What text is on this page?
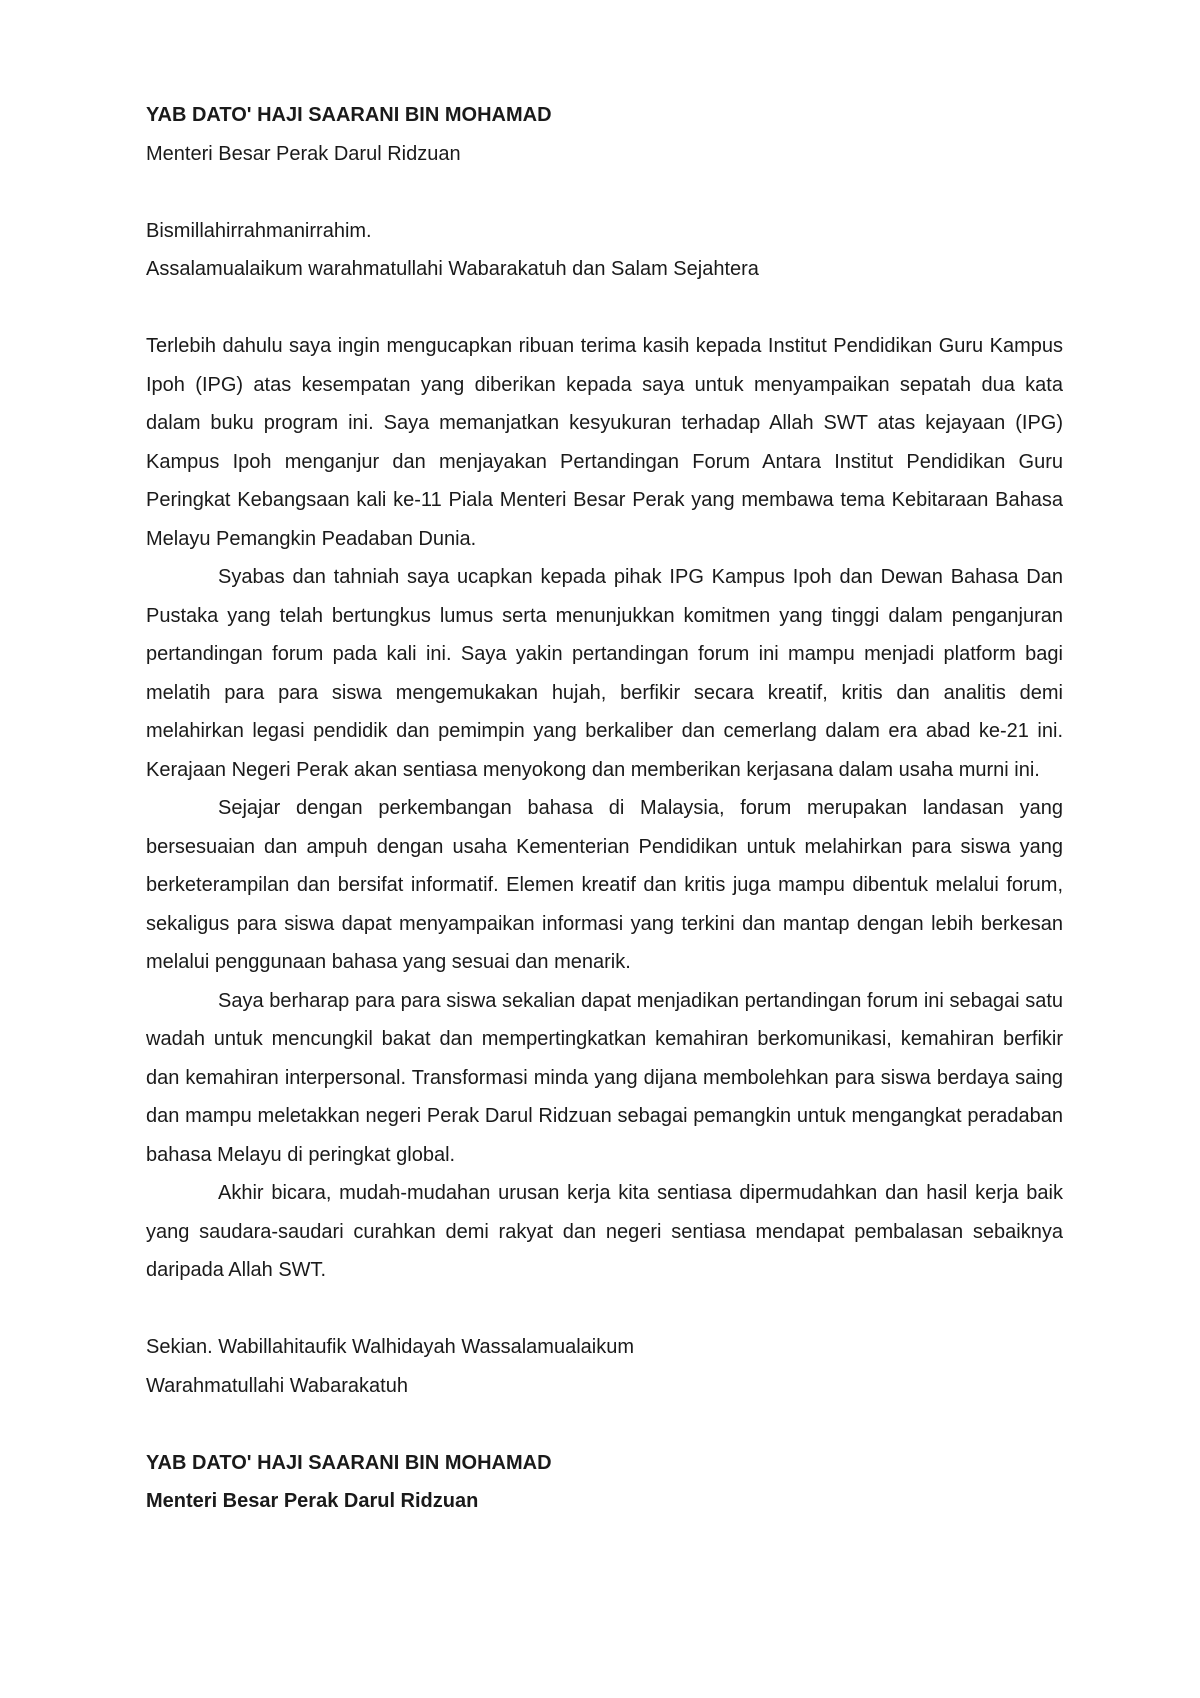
YAB DATO' HAJI SAARANI BIN MOHAMAD

Menteri Besar Perak Darul Ridzuan

Bismillahirrahmanirrahim.

Assalamualaikum warahmatullahi Wabarakatuh dan Salam Sejahtera

Terlebih dahulu saya ingin mengucapkan ribuan terima kasih kepada Institut Pendidikan Guru Kampus Ipoh (IPG) atas kesempatan yang diberikan kepada saya untuk menyampaikan sepatah dua kata dalam buku program ini. Saya memanjatkan kesyukuran terhadap Allah SWT atas kejayaan (IPG) Kampus Ipoh menganjur dan menjayakan Pertandingan Forum Antara Institut Pendidikan Guru Peringkat Kebangsaan kali ke-11 Piala Menteri Besar Perak yang membawa tema Kebitaraan Bahasa Melayu Pemangkin Peadaban Dunia.

Syabas dan tahniah saya ucapkan kepada pihak IPG Kampus Ipoh dan Dewan Bahasa Dan Pustaka yang telah bertungkus lumus serta menunjukkan komitmen yang tinggi dalam penganjuran pertandingan forum pada kali ini. Saya yakin pertandingan forum ini mampu menjadi platform bagi melatih para para siswa mengemukakan hujah, berfikir secara kreatif, kritis dan analitis demi melahirkan legasi pendidik dan pemimpin yang berkaliber dan cemerlang dalam era abad ke-21 ini. Kerajaan Negeri Perak akan sentiasa menyokong dan memberikan kerjasana dalam usaha murni ini.

Sejajar dengan perkembangan bahasa di Malaysia, forum merupakan landasan yang bersesuaian dan ampuh dengan usaha Kementerian Pendidikan untuk melahirkan para siswa yang berketerampilan dan bersifat informatif. Elemen kreatif dan kritis juga mampu dibentuk melalui forum, sekaligus para siswa dapat menyampaikan informasi yang terkini dan mantap dengan lebih berkesan melalui penggunaan bahasa yang sesuai dan menarik.

Saya berharap para para siswa sekalian dapat menjadikan pertandingan forum ini sebagai satu wadah untuk mencungkil bakat dan mempertingkatkan kemahiran berkomunikasi, kemahiran berfikir dan kemahiran interpersonal. Transformasi minda yang dijana membolehkan para siswa berdaya saing dan mampu meletakkan negeri Perak Darul Ridzuan sebagai pemangkin untuk mengangkat peradaban bahasa Melayu di peringkat global.

Akhir bicara, mudah-mudahan urusan kerja kita sentiasa dipermudahkan dan hasil kerja baik yang saudara-saudari curahkan demi rakyat dan negeri sentiasa mendapat pembalasan sebaiknya daripada Allah SWT.

Sekian. Wabillahitaufik Walhidayah Wassalamualaikum

Warahmatullahi Wabarakatuh

YAB DATO' HAJI SAARANI BIN MOHAMAD

Menteri Besar Perak Darul Ridzuan
